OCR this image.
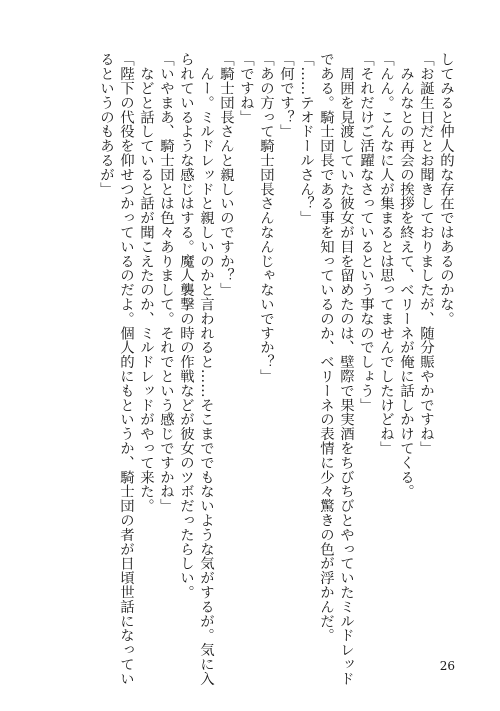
してみると仲人的な存在ではあるのかな。
「お誕生日だとお聞きしておりましたが、随分賑やかですね」
　みんなとの再会の挨拶を終えて、ベリーネが俺に話しかけてくる。
「んん。こんなに人が集まるとは思ってませんでしたけどね」
「それだけご活躍なさっているという事なのでしょう」
　周囲を見渡していた彼女が目を留めたのは、壁際で果実酒をちびちびとやっていたミルドレッド
である。騎士団長である事を知っているのか、ベリーネの表情に少々驚きの色が浮かんだ。
「……テオドールさん？」
「何です？」
「あの方って騎士団長さんなんじゃないですか？」
「ですね」
「騎士団長さんと親しいのですか？」
　んー。ミルドレッドと親しいのかと言われると……そこまででもないような気がするが。気に入
られているような感じはする。魔人襲撃の時の作戦などが彼女のツボだったらしい。
「いやまあ、騎士団とは色々ありまして。それでという感じですかね」
　などと話していると話が聞こえたのか、ミルドレッドがやって来た。
「陛下の代役を仰せつかっているのだよ。個人的にもというか、騎士団の者が日頃世話になってい
るというのもあるが」
26
